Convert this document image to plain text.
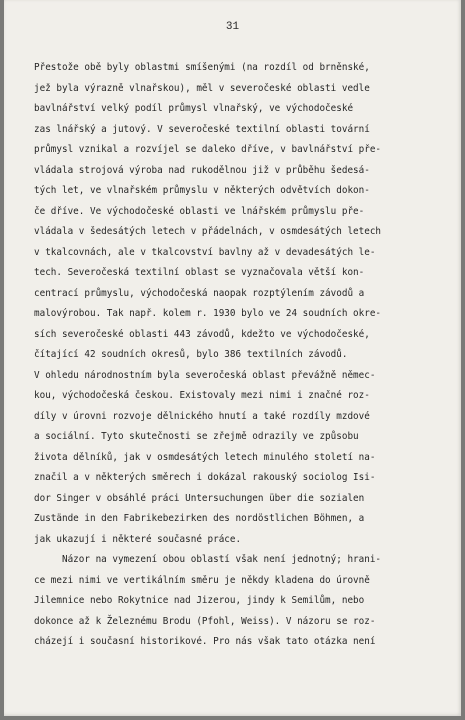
31
Přestože obě byly oblastmi smíšenými (na rozdíl od brněnské,
jež byla výrazně vlnařskou), měl v severočeské oblasti vedle
bavlnářství velký podíl průmysl vlnařský, ve východočeské
zas lnářský a jutový. V severočeské textilní oblasti tovární
průmysl vznikal a rozvíjel se daleko dříve, v bavlnářství pře-
vládala strojová výroba nad rukodělnou již v průběhu šedesá-
tých let, ve vlnařském průmyslu v některých odvětvích dokon-
če dříve. Ve východočeské oblasti ve lnářském průmyslu pře-
vládala v šedesátých letech v přádelnách, v osmdesátých letech
v tkalcovnách, ale v tkalcovství bavlny až v devadesátých le-
tech. Severočeská textilní oblast se vyznačovala větší kon-
centrací průmyslu, východočeská naopak rozptýlením závodů a
malovýrobou. Tak např. kolem r. 1930 bylo ve 24 soudních okre-
sích severočeské oblasti 443 závodů, kdežto ve východočeské,
čítající 42 soudních okresů, bylo 386 textilních závodů.
V ohledu národnostním byla severočeská oblast převážně němec-
kou, východočeská českou. Existovaly mezi nimi i značné roz-
díly v úrovni rozvoje dělnického hnutí a také rozdíly mzdové
a sociální. Tyto skutečnosti se zřejmě odrazily ve způsobu
života dělníků, jak v osmdesátých letech minulého století na-
značil a v některých směrech i dokázal rakouský sociolog Isi-
dor Singer v obsáhlé práci Untersuchungen über die sozialen
Zustände in den Fabrikebezirken des nordöstlichen Böhmen, a
jak ukazují i některé současné práce.
Názor na vymezení obou oblastí však není jednotný; hrani-
ce mezi nimi ve vertikálním směru je někdy kladena do úrovně
Jilemnice nebo Rokytnice nad Jizerou, jindy k Semilům, nebo
dokonce až k Železnému Brodu (Pfohl, Weiss). V názoru se roz-
cházejí i současní historikové. Pro nás však tato otázka není
